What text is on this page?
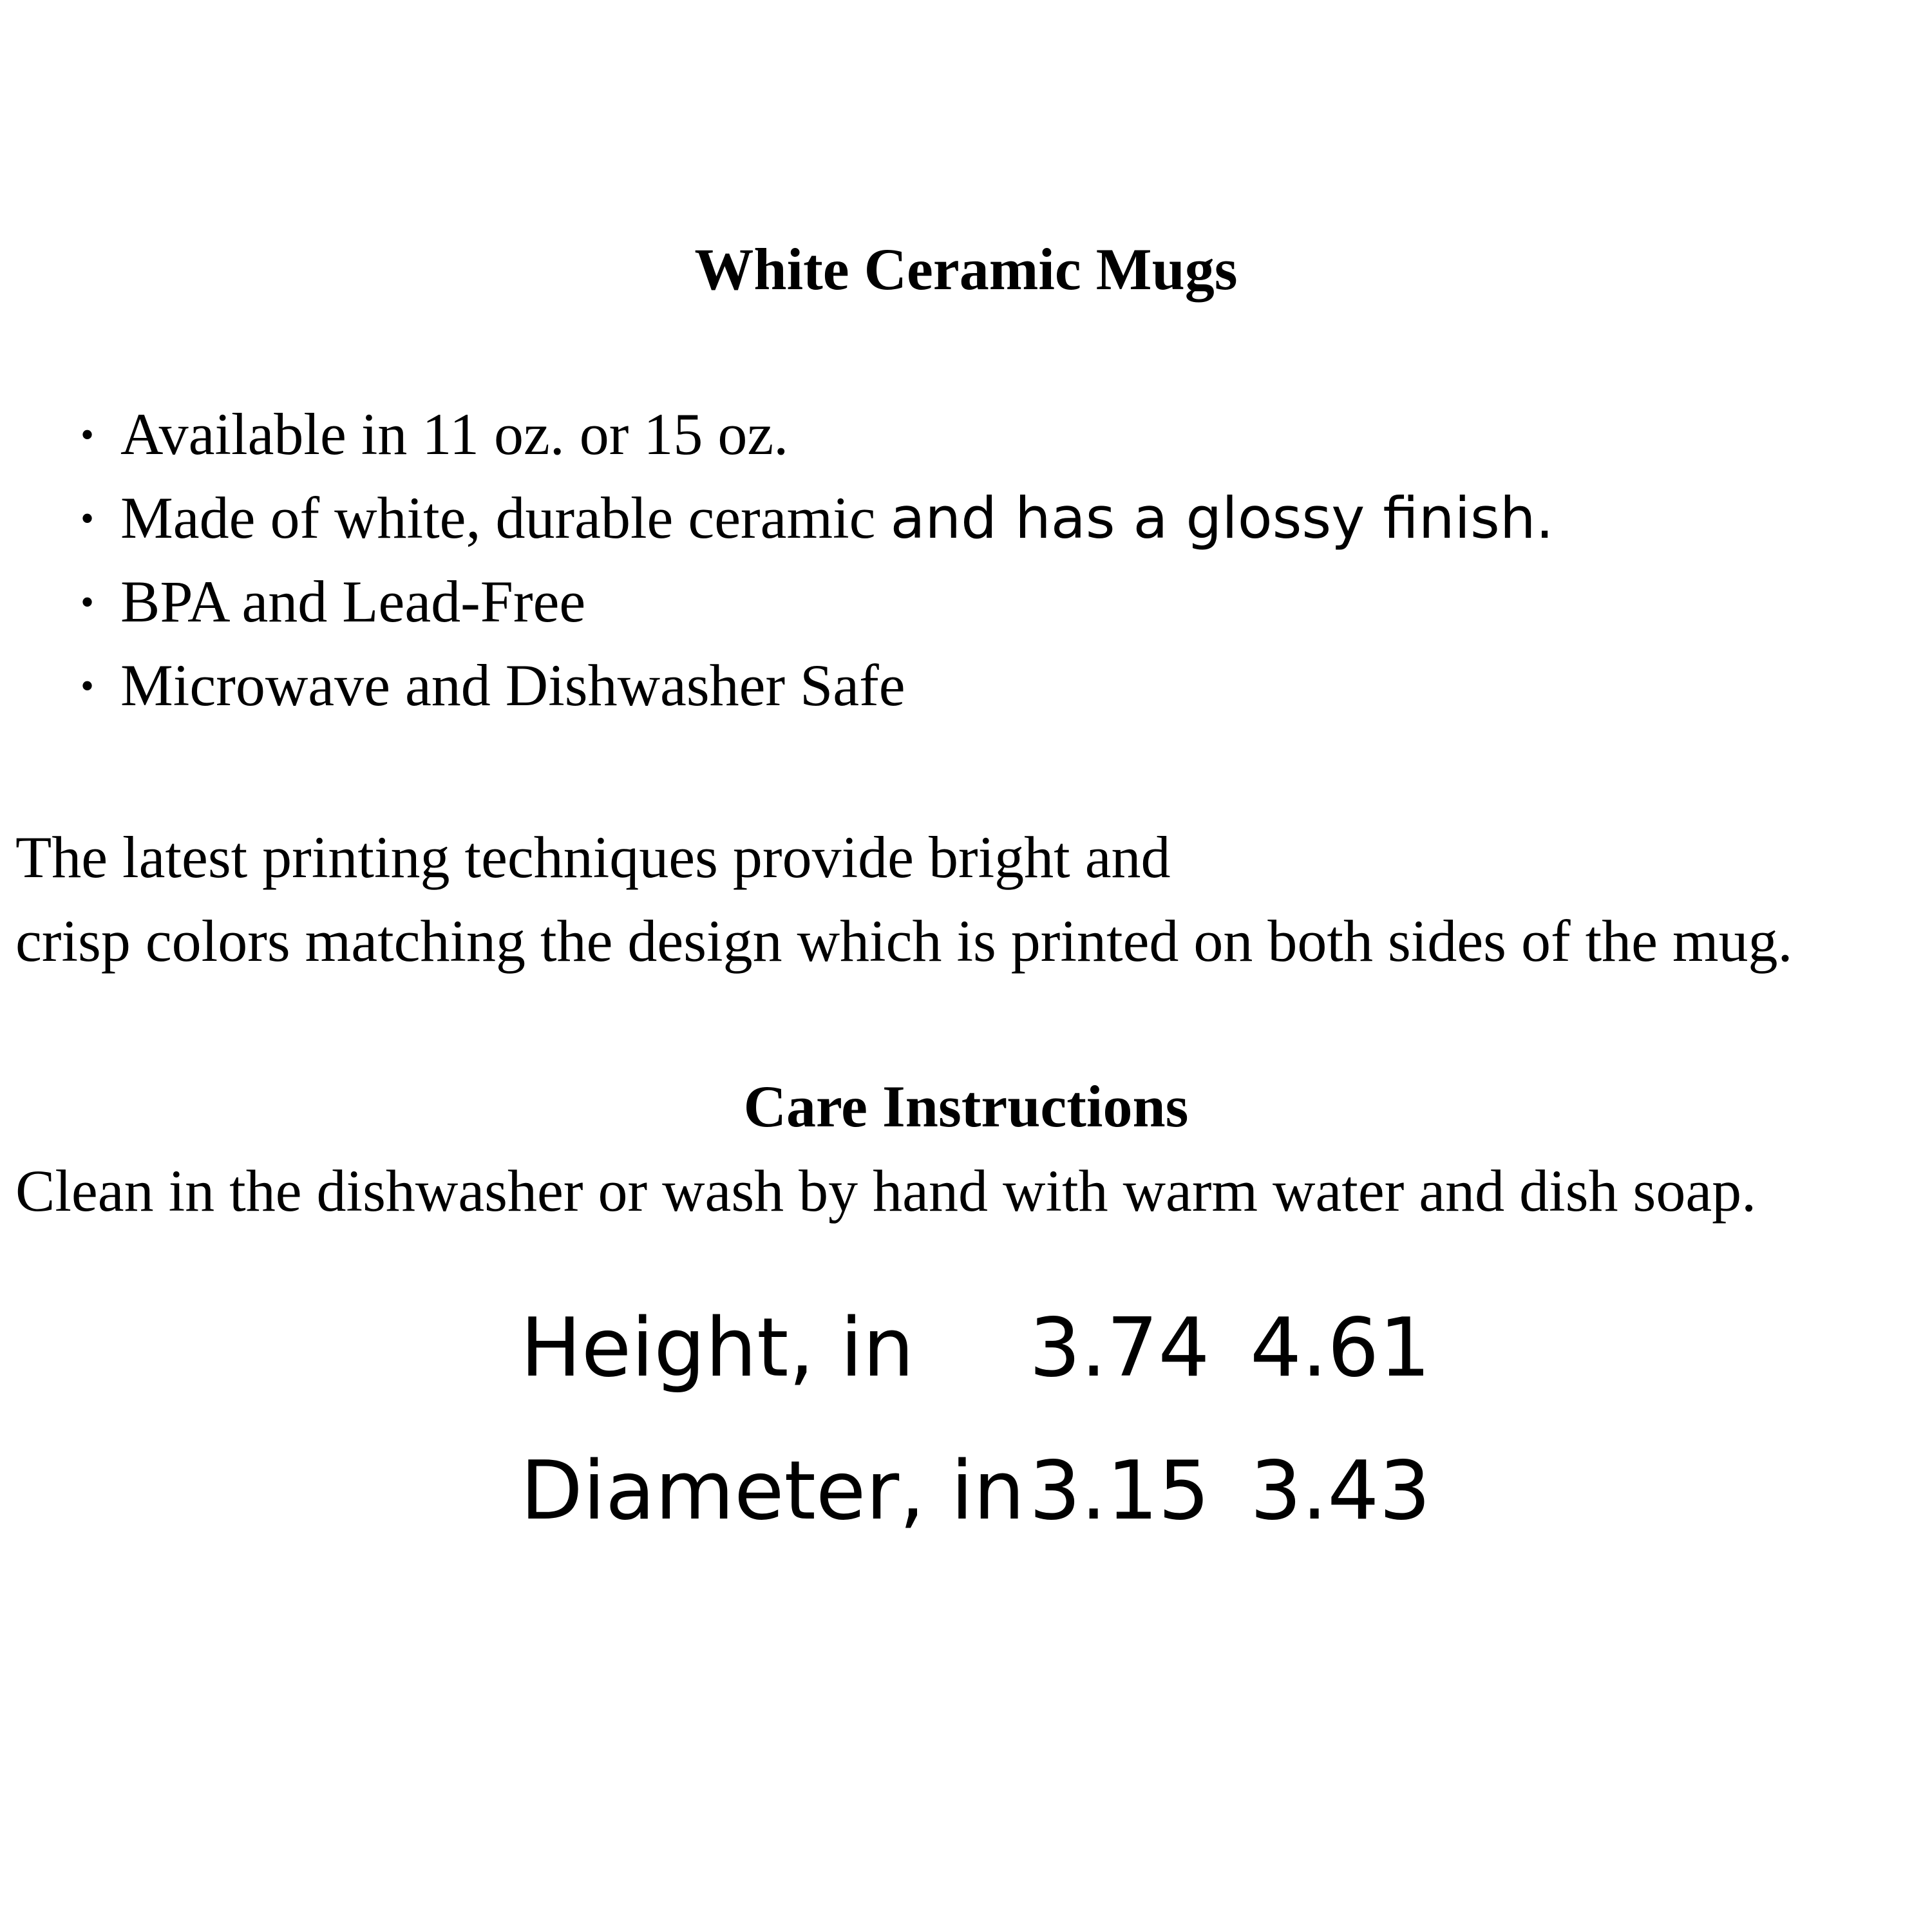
White Ceramic Mugs
• Available in 11 oz. or 15 oz.
• Made of white, durable ceramic and has a glossy finish.
• BPA and Lead-Free
• Microwave and Dishwasher Safe
The latest printing techniques provide bright and
crisp colors matching the design which is printed on both sides of the mug.
Care Instructions
Clean in the dishwasher or wash by hand with warm water and dish soap.
Height, in 3.74 4.61
Diameter, in 3.15 3.43
